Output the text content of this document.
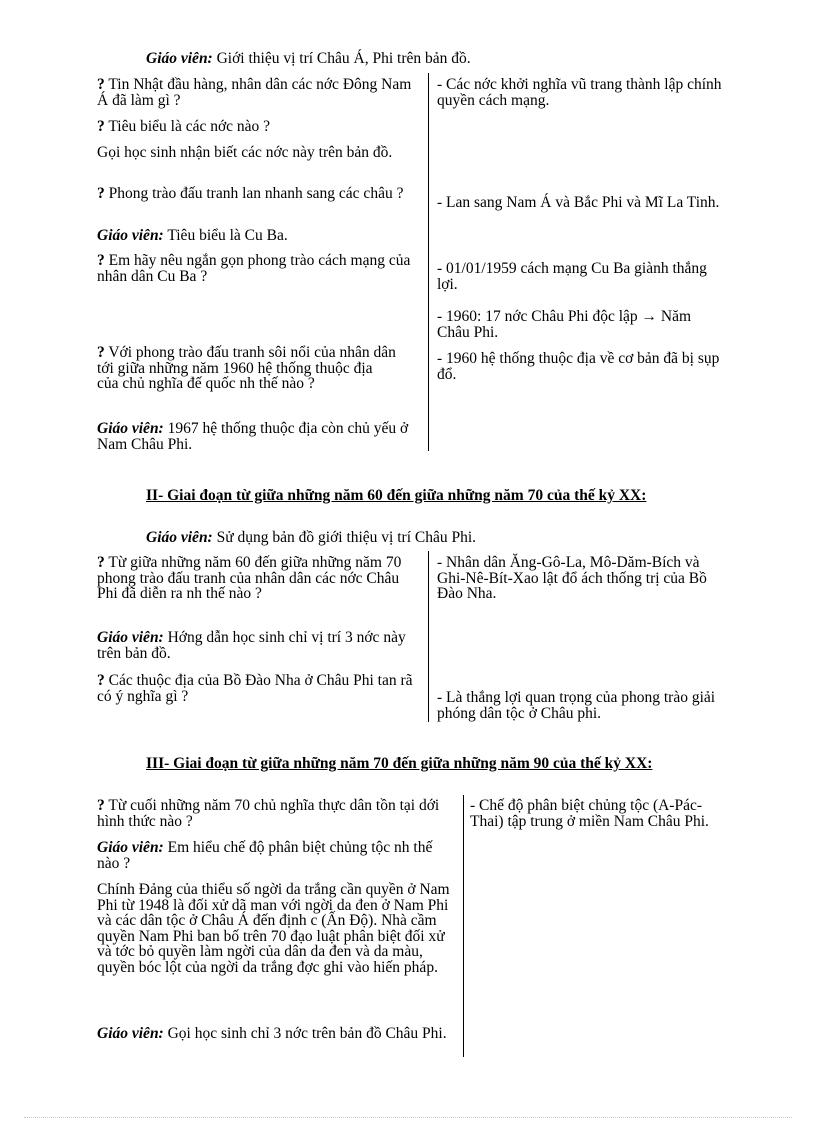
Giáo viên: Giới thiệu vị trí Châu Á, Phi trên bản đồ.

? Tin Nhật đầu hàng, nhân dân các nớc Đông Nam Á đã làm gì ?

? Tiêu biểu là các nớc nào ?

Gọi học sinh nhận biết các nớc này trên bản đồ.

? Phong trào đấu tranh lan nhanh sang các châu ?

Giáo viên: Tiêu biểu là Cu Ba.

? Em hãy nêu ngắn gọn phong trào cách mạng của nhân dân Cu Ba ?

? Với phong trào đấu tranh sôi nổi của nhân dân tới giữa những năm 1960 hệ thống thuộc địa của chủ nghĩa đế quốc nh thế nào ?

Giáo viên: 1967 hệ thống thuộc địa còn chủ yếu ở Nam Châu Phi.

- Các nớc khởi nghĩa vũ trang thành lập chính quyền cách mạng.

- Lan sang Nam Á và Bắc Phi và Mĩ La Tinh.

- 01/01/1959 cách mạng Cu Ba giành thắng lợi.

- 1960: 17 nớc Châu Phi độc lập → Năm Châu Phi.

- 1960 hệ thống thuộc địa về cơ bản đã bị sụp đổ.

II- Giai đoạn từ giữa những năm 60 đến giữa những năm 70 của thế kỷ XX:

Giáo viên: Sử dụng bản đồ giới thiệu vị trí Châu Phi.

? Từ giữa những năm 60 đến giữa những năm 70 phong trào đấu tranh của nhân dân các nớc Châu Phi đã diễn ra nh thế nào ?

Giáo viên: Hớng dẫn học sinh chỉ vị trí 3 nớc này trên bản đồ.

? Các thuộc địa của Bồ Đào Nha ở Châu Phi tan rã có ý nghĩa gì ?

- Nhân dân Ăng-Gô-La, Mô-Dăm-Bích và Ghi-Nê-Bít-Xao lật đổ ách thống trị của Bồ Đào Nha.

- Là thắng lợi quan trọng của phong trào giải phóng dân tộc ở Châu phi.

III- Giai đoạn từ giữa những năm 70 đến giữa những năm 90 của thế kỷ XX:

? Từ cuối những năm 70 chủ nghĩa thực dân tồn tại dới hình thức nào ?

Giáo viên: Em hiểu chế độ phân biệt chủng tộc nh thế nào ?

Chính Đảng của thiểu số ngời da trắng cần quyền ở Nam Phi từ 1948 là đối xử dã man với ngời da đen ở Nam Phi và các dân tộc ở Châu Á đến định c (Ấn Độ). Nhà cầm quyền Nam Phi ban bố trên 70 đạo luật phân biệt đối xử và tớc bỏ quyền làm ngời của dân da đen và da màu, quyền bóc lột của ngời da trắng đợc ghi vào hiến pháp.

Giáo viên: Gọi học sinh chỉ 3 nớc trên bản đồ Châu Phi.

- Chế độ phân biệt chủng tộc (A-Pác-Thai) tập trung ở miền Nam Châu Phi.
